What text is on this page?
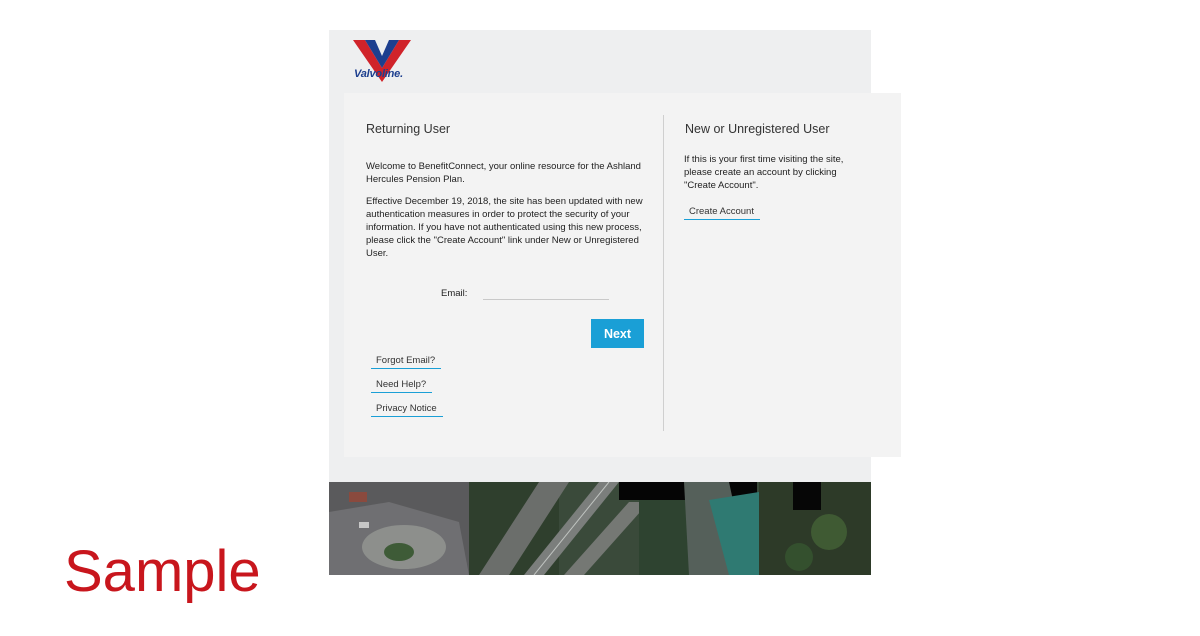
Valvoline.
Returning User
Welcome to BenefitConnect, your online resource for the Ashland Hercules Pension Plan.
Effective December 19, 2018, the site has been updated with new authentication measures in order to protect the security of your information. If you have not authenticated using this new process, please click the "Create Account" link under New or Unregistered User.
Email:
Next
Forgot Email?
Need Help?
Privacy Notice
New or Unregistered User
If this is your first time visiting the site, please create an account by clicking "Create Account".
Create Account
Sample
